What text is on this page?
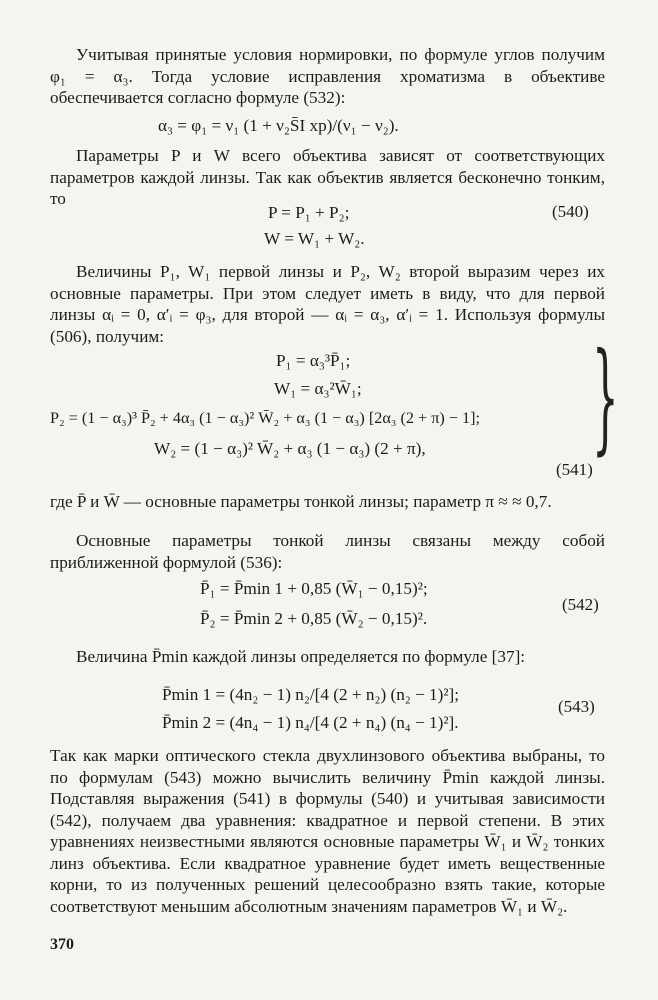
Учитывая принятые условия нормировки, по формуле углов получим φ₁ = α₃. Тогда условие исправления хроматизма в объективе обеспечивается согласно формуле (532):

α₃ = φ₁ = ν₁ (1 + ν₂S̄I xp)/(ν₁ − ν₂).

Параметры P и W всего объектива зависят от соответствующих параметров каждой линзы. Так как объектив является бесконечно тонким, то

P = P₁ + P₂;	(540)
W = W₁ + W₂.

Величины P₁, W₁ первой линзы и P₂, W₂ второй выразим через их основные параметры. При этом следует иметь в виду, что для первой линзы αᵢ = 0, α′ᵢ = φ₃, для второй — αᵢ = α₃, α′ᵢ = 1. Используя формулы (506), получим:

P₁ = α₃³P̄₁;
W₁ = α₃²W̄₁;
P₂ = (1 − α₃)³ P̄₂ + 4α₃ (1 − α₃)² W̄₂ + α₃ (1 − α₃) [2α₃ (2 + π) − 1];
W₂ = (1 − α₃)² W̄₂ + α₃ (1 − α₃) (2 + π), }
(541)

где P̄ и W̄ — основные параметры тонкой линзы; параметр π ≈ ≈ 0,7.

Основные параметры тонкой линзы связаны между собой приближенной формулой (536):

P̄₁ = P̄min 1 + 0,85 (W̄₁ − 0,15)²;
(542)
P̄₂ = P̄min 2 + 0,85 (W̄₂ − 0,15)².

Величина P̄min каждой линзы определяется по формуле [37]:

P̄min 1 = (4n₂ − 1) n₂/[4 (2 + n₂) (n₂ − 1)²];
(543)
P̄min 2 = (4n₄ − 1) n₄/[4 (2 + n₄) (n₄ − 1)²].

Так как марки оптического стекла двухлинзового объектива выбраны, то по формулам (543) можно вычислить величину P̄min каждой линзы. Подставляя выражения (541) в формулы (540) и учитывая зависимости (542), получаем два уравнения: квадратное и первой степени. В этих уравнениях неизвестными являются основные параметры W̄₁ и W̄₂ тонких линз объектива. Если квадратное уравнение будет иметь вещественные корни, то из полученных решений целесообразно взять такие, которые соответствуют меньшим абсолютным значениям параметров W̄₁ и W̄₂.

370
